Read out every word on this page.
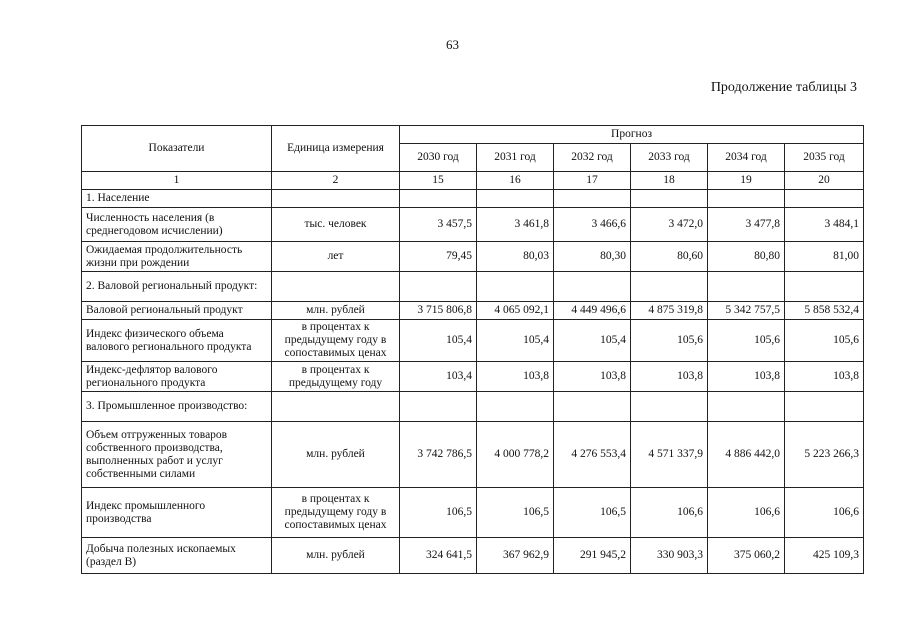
63
Продолжение таблицы 3
Показатели	Единица измерения	Прогноз					
		2030 год	2031 год	2032 год	2033 год	2034 год	2035 год
1	2	15	16	17	18	19	20
1. Население							
Численность населения (в среднегодовом исчислении)	тыс. человек	3 457,5	3 461,8	3 466,6	3 472,0	3 477,8	3 484,1
Ожидаемая продолжительность жизни при рождении	лет	79,45	80,03	80,30	80,60	80,80	81,00
2. Валовой региональный продукт:							
Валовой региональный продукт	млн. рублей	3 715 806,8	4 065 092,1	4 449 496,6	4 875 319,8	5 342 757,5	5 858 532,4
Индекс физического объема валового регионального продукта	в процентах к предыдущему году в сопоставимых ценах	105,4	105,4	105,4	105,6	105,6	105,6
Индекс-дефлятор валового регионального продукта	в процентах к предыдущему году	103,4	103,8	103,8	103,8	103,8	103,8
3. Промышленное производство:							
Объем отгруженных товаров собственного производства, выполненных работ и услуг собственными силами	млн. рублей	3 742 786,5	4 000 778,2	4 276 553,4	4 571 337,9	4 886 442,0	5 223 266,3
Индекс промышленного производства	в процентах к предыдущему году в сопоставимых ценах	106,5	106,5	106,5	106,6	106,6	106,6
Добыча полезных ископаемых (раздел B)	млн. рублей	324 641,5	367 962,9	291 945,2	330 903,3	375 060,2	425 109,3
